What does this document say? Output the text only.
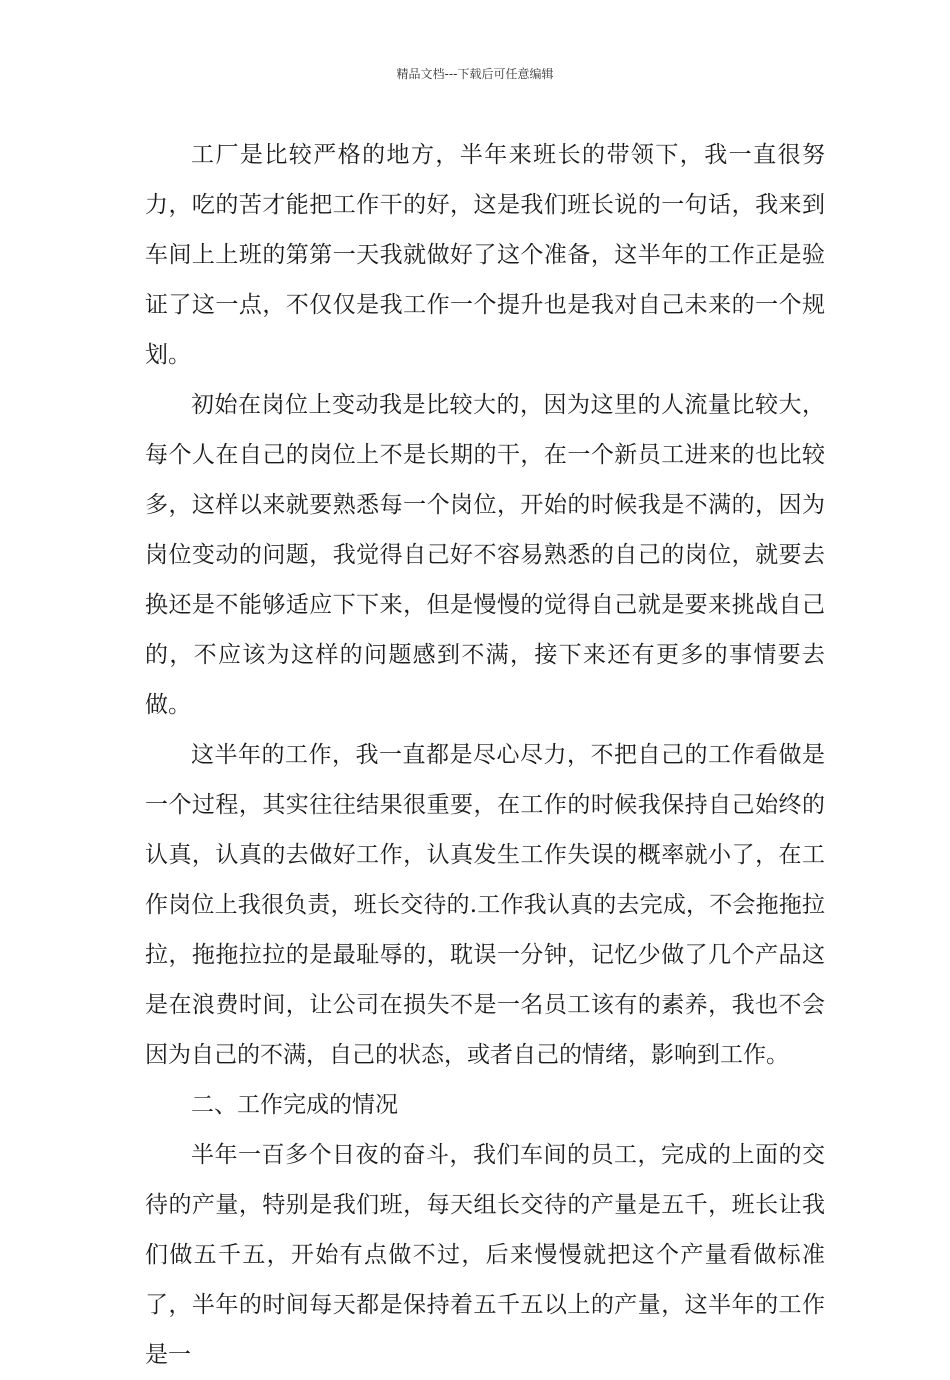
精品文档---下载后可任意编辑

工厂是比较严格的地方，半年来班长的带领下，我一直很努力，吃的苦才能把工作干的好，这是我们班长说的一句话，我来到车间上上班的第第一天我就做好了这个准备，这半年的工作正是验证了这一点，不仅仅是我工作一个提升也是我对自己未来的一个规划。

初始在岗位上变动我是比较大的，因为这里的人流量比较大，每个人在自己的岗位上不是长期的干，在一个新员工进来的也比较多，这样以来就要熟悉每一个岗位，开始的时候我是不满的，因为岗位变动的问题，我觉得自己好不容易熟悉的自己的岗位，就要去换还是不能够适应下下来，但是慢慢的觉得自己就是要来挑战自己的，不应该为这样的问题感到不满，接下来还有更多的事情要去做。

这半年的工作，我一直都是尽心尽力，不把自己的工作看做是一个过程，其实往往结果很重要，在工作的时候我保持自己始终的认真，认真的去做好工作，认真发生工作失误的概率就小了，在工作岗位上我很负责，班长交待的.工作我认真的去完成，不会拖拖拉拉，拖拖拉拉的是最耻辱的，耽误一分钟，记忆少做了几个产品这是在浪费时间，让公司在损失不是一名员工该有的素养，我也不会因为自己的不满，自己的状态，或者自己的情绪，影响到工作。

二、工作完成的情况

半年一百多个日夜的奋斗，我们车间的员工，完成的上面的交待的产量，特别是我们班，每天组长交待的产量是五千，班长让我们做五千五，开始有点做不过，后来慢慢就把这个产量看做标准了，半年的时间每天都是保持着五千五以上的产量，这半年的工作是一
